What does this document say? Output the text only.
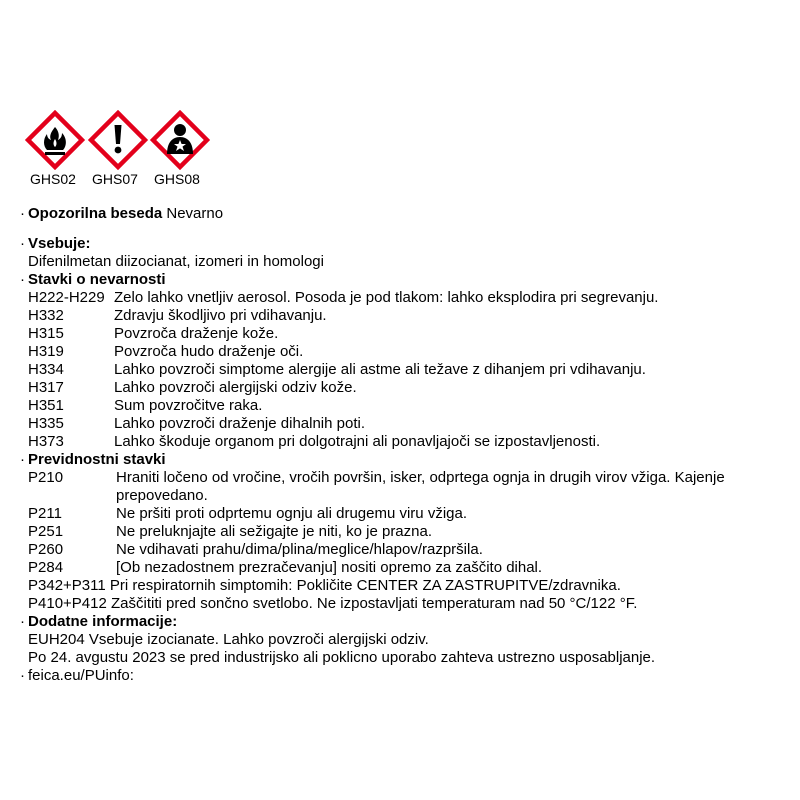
GHS02 GHS07 GHS08
· Opozorilna beseda Nevarno
· Vsebuje:
Difenilmetan diizocianat, izomeri in homologi
· Stavki o nevarnosti
H222-H229 Zelo lahko vnetljiv aerosol. Posoda je pod tlakom: lahko eksplodira pri segrevanju.
H332	Zdravju škodljivo pri vdihavanju.
H315	Povzroča draženje kože.
H319	Povzroča hudo draženje oči.
H334	Lahko povzroči simptome alergije ali astme ali težave z dihanjem pri vdihavanju.
H317	Lahko povzroči alergijski odziv kože.
H351	Sum povzročitve raka.
H335	Lahko povzroči draženje dihalnih poti.
H373	Lahko škoduje organom pri dolgotrajni ali ponavljajoči se izpostavljenosti.
· Previdnostni stavki
P210	Hraniti ločeno od vročine, vročih površin, isker, odprtega ognja in drugih virov vžiga. Kajenje prepovedano.
P211	Ne pršiti proti odprtemu ognju ali drugemu viru vžiga.
P251	Ne preluknjajte ali sežigajte je niti, ko je prazna.
P260	Ne vdihavati prahu/dima/plina/meglice/hlapov/razpršila.
P284	[Ob nezadostnem prezračevanju] nositi opremo za zaščito dihal.
P342+P311 Pri respiratornih simptomih: Pokličite CENTER ZA ZASTRUPITVE/zdravnika.
P410+P412 Zaščititi pred sončno svetlobo. Ne izpostavljati temperaturam nad 50 °C/122 °F.
· Dodatne informacije:
EUH204 Vsebuje izocianate. Lahko povzroči alergijski odziv.
Po 24. avgustu 2023 se pred industrijsko ali poklicno uporabo zahteva ustrezno usposabljanje.
· feica.eu/PUinfo:
